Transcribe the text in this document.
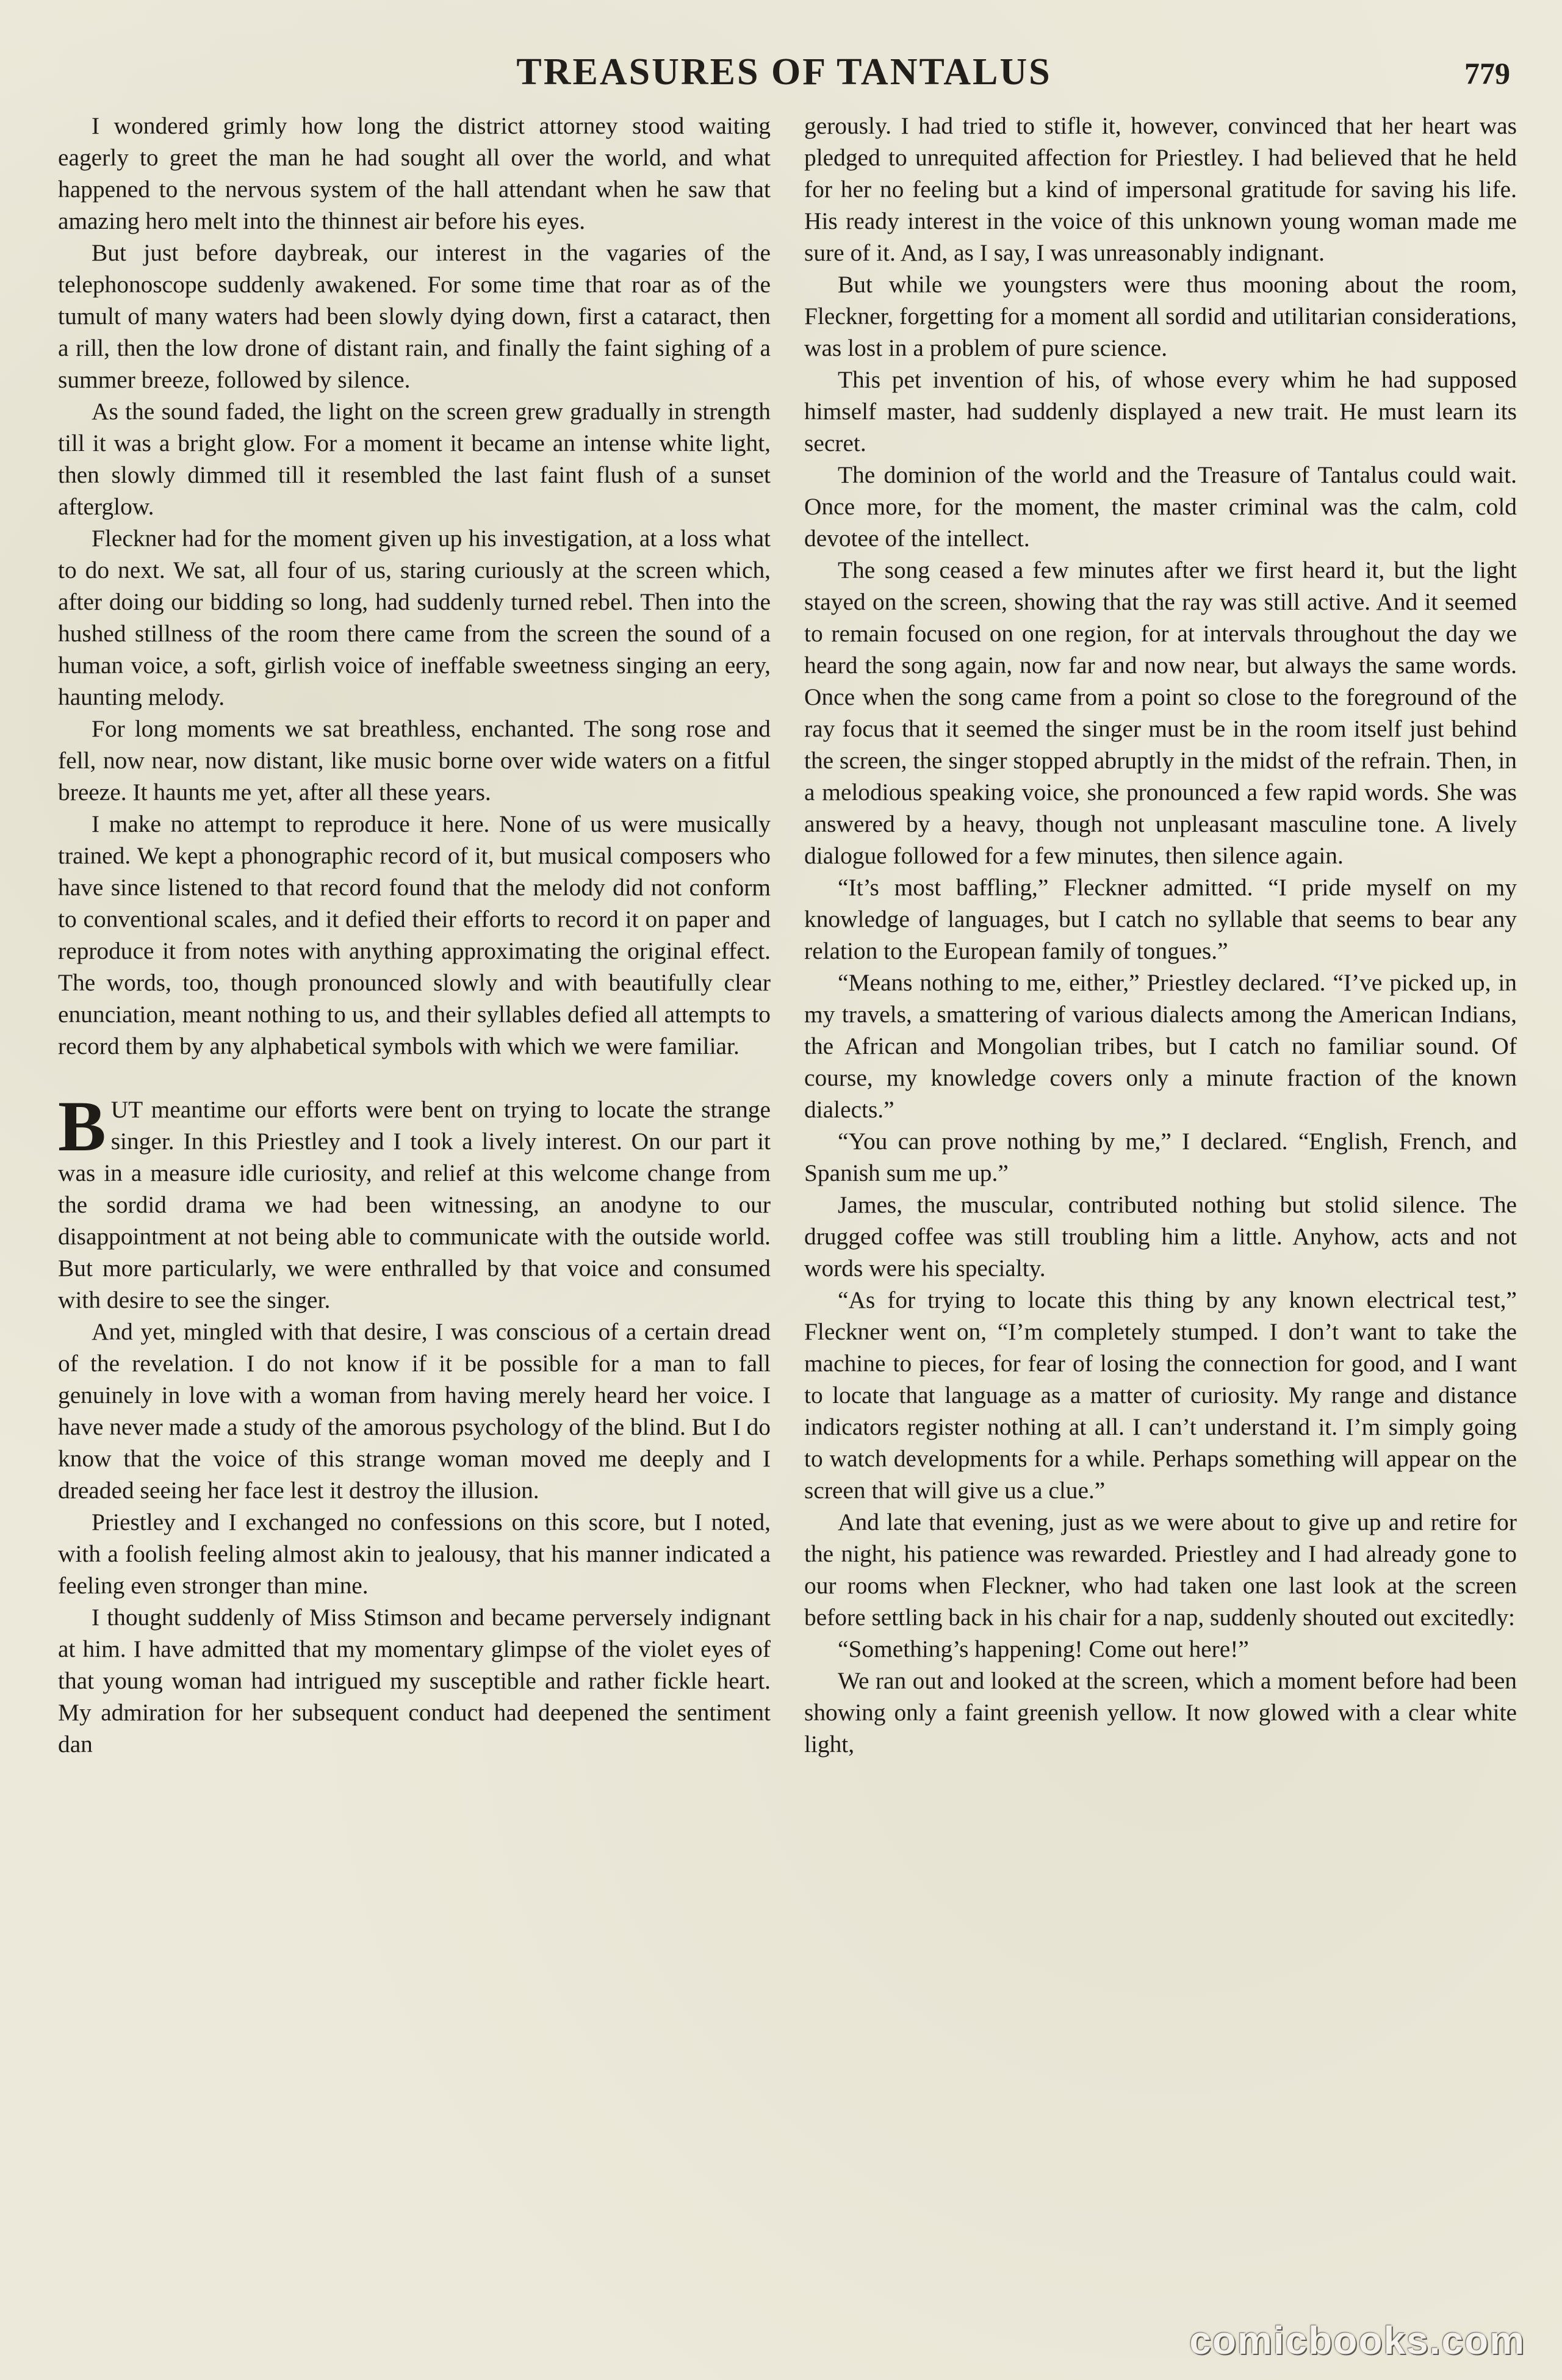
TREASURES OF TANTALUS	779

I wondered grimly how long the district attorney stood waiting eagerly to greet the man he had sought all over the world, and what happened to the nervous system of the hall attendant when he saw that amazing hero melt into the thinnest air before his eyes.

But just before daybreak, our interest in the vagaries of the telephonoscope suddenly awakened. For some time that roar as of the tumult of many waters had been slowly dying down, first a cataract, then a rill, then the low drone of distant rain, and finally the faint sighing of a summer breeze, followed by silence.

As the sound faded, the light on the screen grew gradually in strength till it was a bright glow. For a moment it became an intense white light, then slowly dimmed till it resembled the last faint flush of a sunset afterglow.

Fleckner had for the moment given up his investigation, at a loss what to do next. We sat, all four of us, staring curiously at the screen which, after doing our bidding so long, had suddenly turned rebel. Then into the hushed stillness of the room there came from the screen the sound of a human voice, a soft, girlish voice of ineffable sweetness singing an eery, haunting melody.

For long moments we sat breathless, enchanted. The song rose and fell, now near, now distant, like music borne over wide waters on a fitful breeze. It haunts me yet, after all these years.

I make no attempt to reproduce it here. None of us were musically trained. We kept a phonographic record of it, but musical composers who have since listened to that record found that the melody did not conform to conventional scales, and it defied their efforts to record it on paper and reproduce it from notes with anything approximating the original effect. The words, too, though pronounced slowly and with beautifully clear enunciation, meant nothing to us, and their syllables defied all attempts to record them by any alphabetical symbols with which we were familiar.

BUT meantime our efforts were bent on trying to locate the strange singer. In this Priestley and I took a lively interest. On our part it was in a measure idle curiosity, and relief at this welcome change from the sordid drama we had been witnessing, an anodyne to our disappointment at not being able to communicate with the outside world. But more particularly, we were enthralled by that voice and consumed with desire to see the singer.

And yet, mingled with that desire, I was conscious of a certain dread of the revelation. I do not know if it be possible for a man to fall genuinely in love with a woman from having merely heard her voice. I have never made a study of the amorous psychology of the blind. But I do know that the voice of this strange woman moved me deeply and I dreaded seeing her face lest it destroy the illusion.

Priestley and I exchanged no confessions on this score, but I noted, with a foolish feeling almost akin to jealousy, that his manner indicated a feeling even stronger than mine.

I thought suddenly of Miss Stimson and became perversely indignant at him. I have admitted that my momentary glimpse of the violet eyes of that young woman had intrigued my susceptible and rather fickle heart. My admiration for her subsequent conduct had deepened the sentiment dan

gerously. I had tried to stifle it, however, convinced that her heart was pledged to unrequited affection for Priestley. I had believed that he held for her no feeling but a kind of impersonal gratitude for saving his life. His ready interest in the voice of this unknown young woman made me sure of it. And, as I say, I was unreasonably indignant.

But while we youngsters were thus mooning about the room, Fleckner, forgetting for a moment all sordid and utilitarian considerations, was lost in a problem of pure science.

This pet invention of his, of whose every whim he had supposed himself master, had suddenly displayed a new trait. He must learn its secret.

The dominion of the world and the Treasure of Tantalus could wait. Once more, for the moment, the master criminal was the calm, cold devotee of the intellect.

The song ceased a few minutes after we first heard it, but the light stayed on the screen, showing that the ray was still active. And it seemed to remain focused on one region, for at intervals throughout the day we heard the song again, now far and now near, but always the same words. Once when the song came from a point so close to the foreground of the ray focus that it seemed the singer must be in the room itself just behind the screen, the singer stopped abruptly in the midst of the refrain. Then, in a melodious speaking voice, she pronounced a few rapid words. She was answered by a heavy, though not unpleasant masculine tone. A lively dialogue followed for a few minutes, then silence again.

“It’s most baffling,” Fleckner admitted. “I pride myself on my knowledge of languages, but I catch no syllable that seems to bear any relation to the European family of tongues.”

“Means nothing to me, either,” Priestley declared. “I’ve picked up, in my travels, a smattering of various dialects among the American Indians, the African and Mongolian tribes, but I catch no familiar sound. Of course, my knowledge covers only a minute fraction of the known dialects.”

“You can prove nothing by me,” I declared. “English, French, and Spanish sum me up.”

James, the muscular, contributed nothing but stolid silence. The drugged coffee was still troubling him a little. Anyhow, acts and not words were his specialty.

“As for trying to locate this thing by any known electrical test,” Fleckner went on, “I’m completely stumped. I don’t want to take the machine to pieces, for fear of losing the connection for good, and I want to locate that language as a matter of curiosity. My range and distance indicators register nothing at all. I can’t understand it. I’m simply going to watch developments for a while. Perhaps something will appear on the screen that will give us a clue.”

And late that evening, just as we were about to give up and retire for the night, his patience was rewarded. Priestley and I had already gone to our rooms when Fleckner, who had taken one last look at the screen before settling back in his chair for a nap, suddenly shouted out excitedly:

“Something’s happening! Come out here!”

We ran out and looked at the screen, which a moment before had been showing only a faint greenish yellow. It now glowed with a clear white light,

comicbooks.com
